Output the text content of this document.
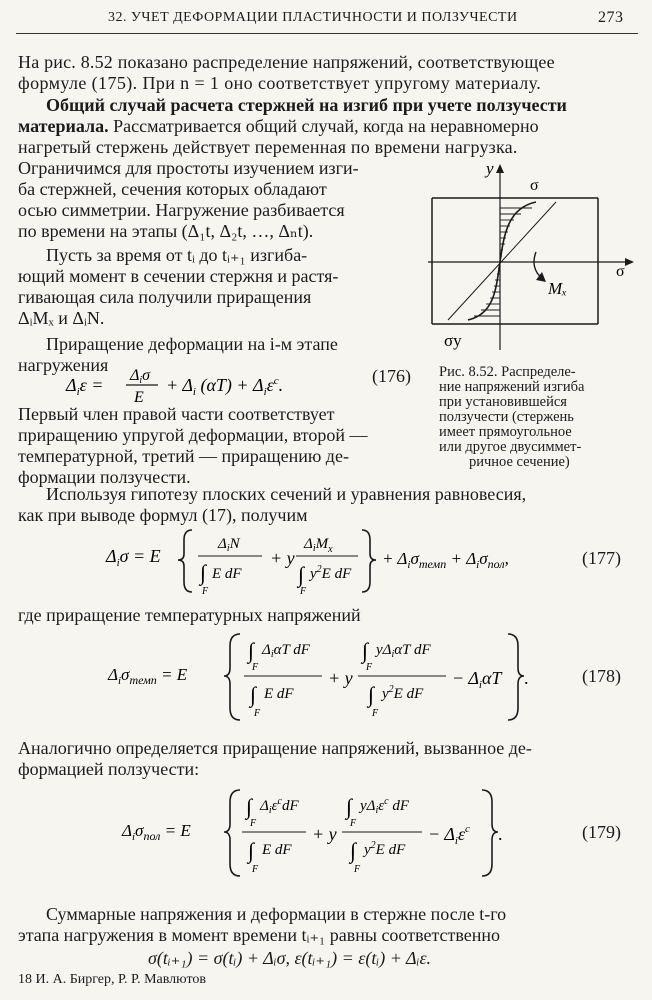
32. УЧЕТ ДЕФОРМАЦИИ ПЛАСТИЧНОСТИ И ПОЛЗУЧЕСТИ	273
На рис. 8.52 показано распределение напряжений, соответствующее
формуле (175). При n = 1 оно соответствует упругому материалу.
Общий случай расчета стержней на изгиб при учете ползучести
материала. Рассматривается общий случай, когда на неравномерно
нагретый стержень действует переменная по времени нагрузка.
Ограничимся для простоты изучением изги-
ба стержней, сечения которых обладают
осью симметрии. Нагружение разбивается
по времени на этапы (Δ₁t, Δ₂t, …, Δₙt).
Пусть за время от tᵢ до tᵢ₊₁ изгиба-
ющий момент в сечении стержня и растя-
гивающая сила получили приращения
ΔᵢMₓ и ΔᵢN.
Приращение деформации на i-м этапе
нагружения
$\Delta_i\varepsilon = \Delta i\sigma$
E
+ $\Delta_i$ $(\alpha T) + \Delta_i\varepsilon^c$.	(176)
Первый член правой части соответствует
приращению упругой деформации, второй —
температурной, третий — приращению де-
формации ползучести.
y
σ
σ
Mₓ
σy
Рис. 8.52. Распределе-
ние напряжений изгиба
при установившейся
ползучести (стержень
имеет прямоугольное
или другое двусиммет-
ричное сечение)
Используя гипотезу плоских сечений и уравнения равновесия,
как при выводе формул (17), получим
$\Delta_i\sigma = E$
$\Delta_iN$
∫ E dF
F
+ y
$\Delta_iM_x$
∫ $y^2E$ dF
F
+ $\Delta_i\sigma_{темп} + \Delta_i\sigma_{пол}$,	(177)
где приращение температурных напряжений
$\Delta_i\sigma_{темп} = E$
∫ $\Delta_i\alpha T$ dF
F
∫ E dF
F
+ y
∫ $y\Delta_i\alpha T$ dF
F
∫ $y^2E$ dF
F
− $\Delta_i\alpha T$ .	(178)
Аналогично определяется приращение напряжений, вызванное де-
формацией ползучести:
$\Delta_i\sigma_{пол} = E$
∫ $\Delta_i\varepsilon^cdF$
F
∫ E dF
F
+ y
∫ $y\Delta_i\varepsilon^c$ dF
F
∫ $y^2E$ dF
F
− $\Delta_i\varepsilon^c$ .	(179)
Суммарные напряжения и деформации в стержне после t-го
этапа нагружения в момент времени tᵢ₊₁ равны соответственно
σ(tᵢ₊₁) = σ(tᵢ) + Δᵢσ, ε(tᵢ₊₁) = ε(tᵢ) + Δᵢε.
18 И. А. Биргер, Р. Р. Мавлютов
